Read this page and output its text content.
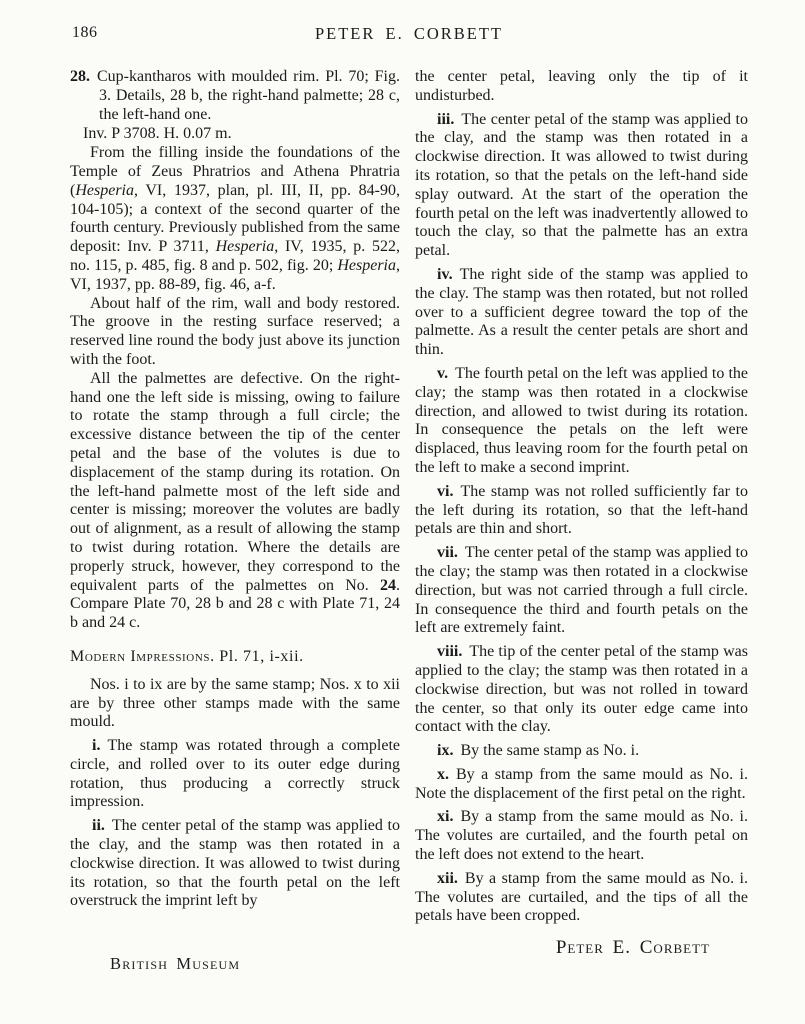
186	PETER E. CORBETT

28. Cup-kantharos with moulded rim. Pl. 70; Fig. 3. Details, 28 b, the right-hand palmette; 28 c, the left-hand one.

Inv. P 3708. H. 0.07 m.

From the filling inside the foundations of the Temple of Zeus Phratrios and Athena Phratria (Hesperia, VI, 1937, plan, pl. III, II, pp. 84-90, 104-105); a context of the second quarter of the fourth century. Previously published from the same deposit: Inv. P 3711, Hesperia, IV, 1935, p. 522, no. 115, p. 485, fig. 8 and p. 502, fig. 20; Hesperia, VI, 1937, pp. 88-89, fig. 46, a-f.

About half of the rim, wall and body restored. The groove in the resting surface reserved; a reserved line round the body just above its junction with the foot.

All the palmettes are defective. On the right-hand one the left side is missing, owing to failure to rotate the stamp through a full circle; the excessive distance between the tip of the center petal and the base of the volutes is due to displacement of the stamp during its rotation. On the left-hand palmette most of the left side and center is missing; moreover the volutes are badly out of alignment, as a result of allowing the stamp to twist during rotation. Where the details are properly struck, however, they correspond to the equivalent parts of the palmettes on No. 24. Compare Plate 70, 28 b and 28 c with Plate 71, 24 b and 24 c.

Modern Impressions. Pl. 71, i-xii.

Nos. i to ix are by the same stamp; Nos. x to xii are by three other stamps made with the same mould.

i. The stamp was rotated through a complete circle, and rolled over to its outer edge during rotation, thus producing a correctly struck impression.

ii. The center petal of the stamp was applied to the clay, and the stamp was then rotated in a clockwise direction. It was allowed to twist during its rotation, so that the fourth petal on the left overstruck the imprint left by

British Museum

the center petal, leaving only the tip of it undisturbed.

iii. The center petal of the stamp was applied to the clay, and the stamp was then rotated in a clockwise direction. It was allowed to twist during its rotation, so that the petals on the left-hand side splay outward. At the start of the operation the fourth petal on the left was inadvertently allowed to touch the clay, so that the palmette has an extra petal.

iv. The right side of the stamp was applied to the clay. The stamp was then rotated, but not rolled over to a sufficient degree toward the top of the palmette. As a result the center petals are short and thin.

v. The fourth petal on the left was applied to the clay; the stamp was then rotated in a clockwise direction, and allowed to twist during its rotation. In consequence the petals on the left were displaced, thus leaving room for the fourth petal on the left to make a second imprint.

vi. The stamp was not rolled sufficiently far to the left during its rotation, so that the left-hand petals are thin and short.

vii. The center petal of the stamp was applied to the clay; the stamp was then rotated in a clockwise direction, but was not carried through a full circle. In consequence the third and fourth petals on the left are extremely faint.

viii. The tip of the center petal of the stamp was applied to the clay; the stamp was then rotated in a clockwise direction, but was not rolled in toward the center, so that only its outer edge came into contact with the clay.

ix. By the same stamp as No. i.

x. By a stamp from the same mould as No. i. Note the displacement of the first petal on the right.

xi. By a stamp from the same mould as No. i. The volutes are curtailed, and the fourth petal on the left does not extend to the heart.

xii. By a stamp from the same mould as No. i. The volutes are curtailed, and the tips of all the petals have been cropped.

Peter E. Corbett
